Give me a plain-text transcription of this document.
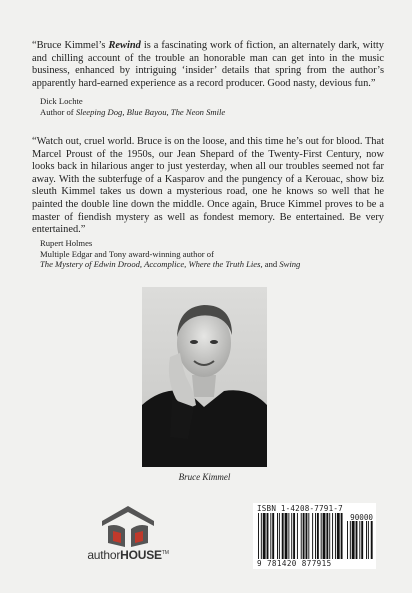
“Bruce Kimmel’s Rewind is a fascinating work of fiction, an alternately dark, witty and chilling account of the trouble an honorable man can get into in the music business, enhanced by intriguing ‘insider’ details that spring from the author’s apparently hard-earned experience as a record producer. Good nasty, devious fun.”

Dick Lochte
Author of Sleeping Dog, Blue Bayou, The Neon Smile

“Watch out, cruel world. Bruce is on the loose, and this time he’s out for blood. That Marcel Proust of the 1950s, our Jean Shepard of the Twenty-First Century, now looks back in hilarious anger to just yesterday, when all our troubles seemed not far away. With the subterfuge of a Kasparov and the pungency of a Kerouac, show biz sleuth Kimmel takes us down a mysterious road, one he knows so well that he painted the double line down the middle. Once again, Bruce Kimmel proves to be a master of fiendish mystery as well as fondest memory. Be entertained. Be very entertained.”

Rupert Holmes
Multiple Edgar and Tony award-winning author of
The Mystery of Edwin Drood, Accomplice, Where the Truth Lies, and Swing
Bruce Kimmel
authorHOUSE™
ISBN 1-4208-7791-7
9 781420 877915
90000
